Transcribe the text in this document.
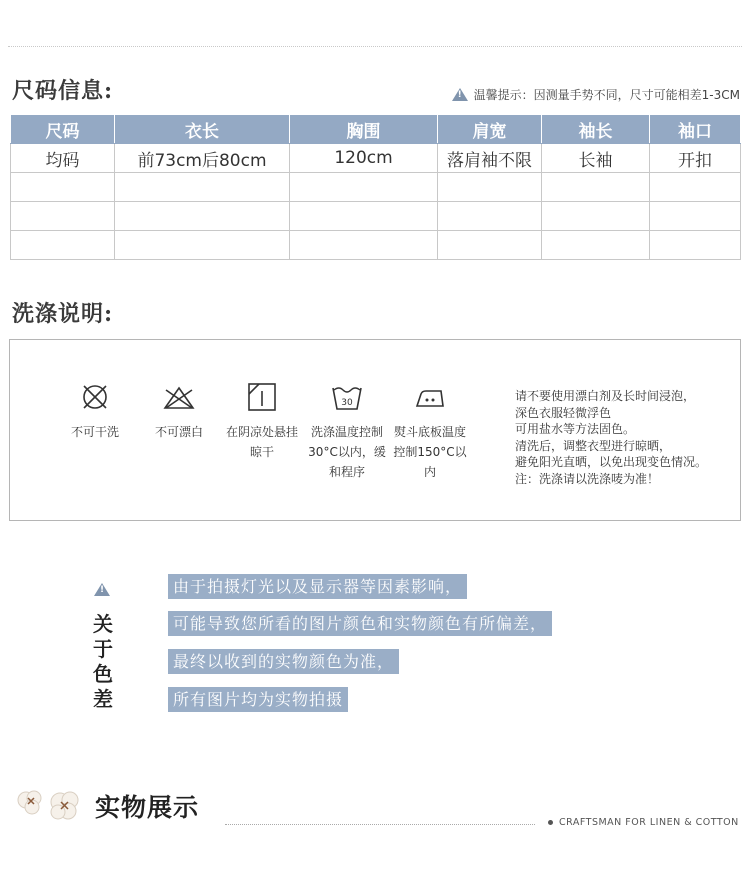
尺码信息: !	温馨提示：因测量手势不同，尺寸可能相差1-3CM
尺码	衣长	胸围	肩宽	袖长	袖口
均码	前73cm后80cm	120cm	落肩袖不限	长袖	开扣

洗涤说明:
不可干洗	不可漂白	在阴凉处悬挂晾干
30
洗涤温度控制30°C以内，缓和程序
熨斗底板温度控制150°C以内
请不要使用漂白剂及长时间浸泡，
深色衣服轻微浮色
可用盐水等方法固色。
清洗后，调整衣型进行晾晒，
避免阳光直晒，以免出现变色情况。
注：洗涤请以洗涤唛为准！
!
关
于
色
差
由于拍摄灯光以及显示器等因素影响，
可能导致您所看的图片颜色和实物颜色有所偏差，
最终以收到的实物颜色为准，
所有图片均为实物拍摄
实物展示
CRAFTSMAN FOR LINEN & COTTON
